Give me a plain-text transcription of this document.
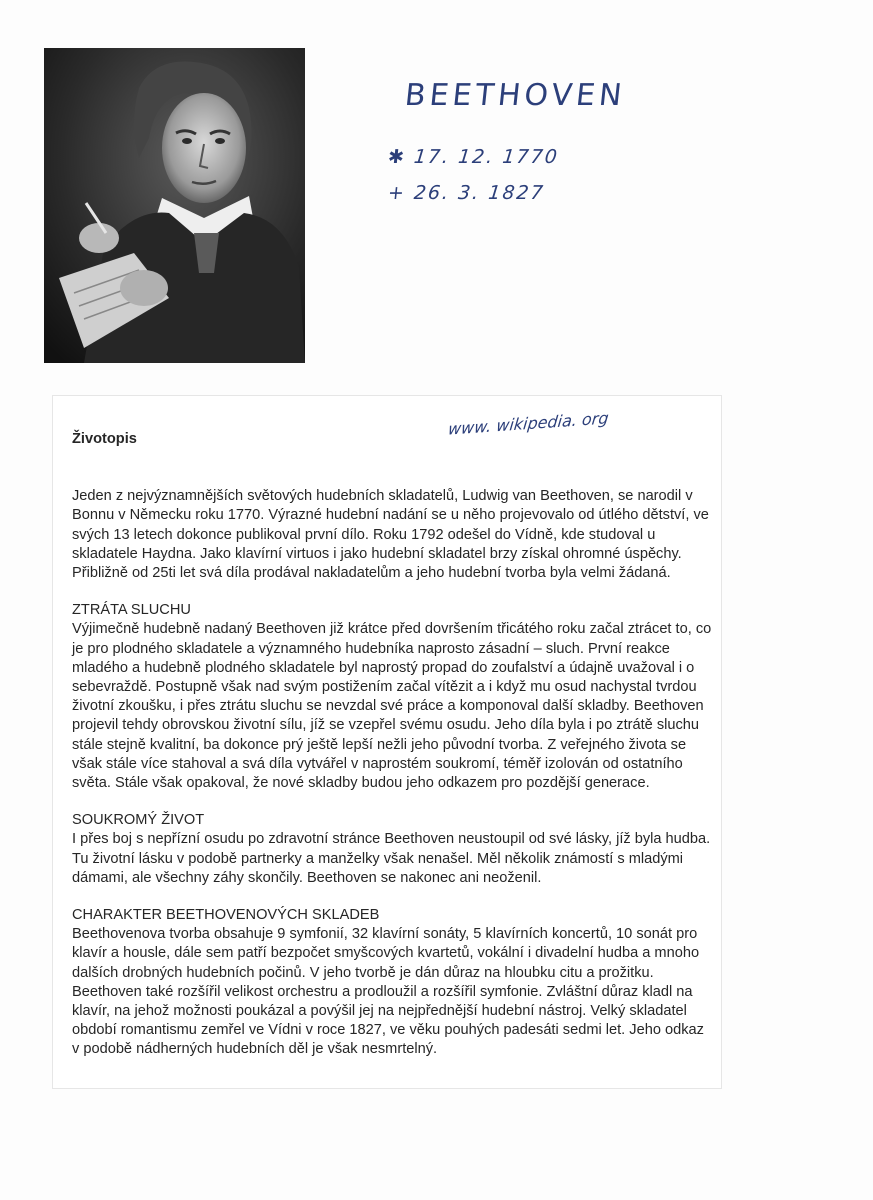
BEETHOVEN
✱ 17. 12. 1770
+ 26. 3. 1827
www. wikipedia. org

Životopis

Jeden z nejvýznamnějších světových hudebních skladatelů, Ludwig van Beethoven, se narodil v Bonnu v Německu roku 1770. Výrazné hudební nadání se u něho projevovalo od útlého dětství, ve svých 13 letech dokonce publikoval první dílo. Roku 1792 odešel do Vídně, kde studoval u skladatele Haydna. Jako klavírní virtuos i jako hudební skladatel brzy získal ohromné úspěchy. Přibližně od 25ti let svá díla prodával nakladatelům a jeho hudební tvorba byla velmi žádaná.

ZTRÁTA SLUCHU

Výjimečně hudebně nadaný Beethoven již krátce před dovršením třicátého roku začal ztrácet to, co je pro plodného skladatele a významného hudebníka naprosto zásadní – sluch. První reakce mladého a hudebně plodného skladatele byl naprostý propad do zoufalství a údajně uvažoval i o sebevraždě. Postupně však nad svým postižením začal vítězit a i když mu osud nachystal tvrdou životní zkoušku, i přes ztrátu sluchu se nevzdal své práce a komponoval další skladby. Beethoven projevil tehdy obrovskou životní sílu, jíž se vzepřel svému osudu. Jeho díla byla i po ztrátě sluchu stále stejně kvalitní, ba dokonce prý ještě lepší nežli jeho původní tvorba. Z veřejného života se však stále více stahoval a svá díla vytvářel v naprostém soukromí, téměř izolován od ostatního světa. Stále však opakoval, že nové skladby budou jeho odkazem pro pozdější generace.

SOUKROMÝ ŽIVOT

I přes boj s nepřízní osudu po zdravotní stránce Beethoven neustoupil od své lásky, jíž byla hudba. Tu životní lásku v podobě partnerky a manželky však nenašel. Měl několik známostí s mladými dámami, ale všechny záhy skončily. Beethoven se nakonec ani neoženil.

CHARAKTER BEETHOVENOVÝCH SKLADEB

Beethovenova tvorba obsahuje 9 symfonií, 32 klavírní sonáty, 5 klavírních koncertů, 10 sonát pro klavír a housle, dále sem patří bezpočet smyšcových kvartetů, vokální i divadelní hudba a mnoho dalších drobných hudebních počinů. V jeho tvorbě je dán důraz na hloubku citu a prožitku. Beethoven také rozšířil velikost orchestru a prodloužil a rozšířil symfonie. Zvláštní důraz kladl na klavír, na jehož možnosti poukázal a povýšil jej na nejpřednější hudební nástroj. Velký skladatel období romantismu zemřel ve Vídni v roce 1827, ve věku pouhých padesáti sedmi let. Jeho odkaz v podobě nádherných hudebních děl je však nesmrtelný.
